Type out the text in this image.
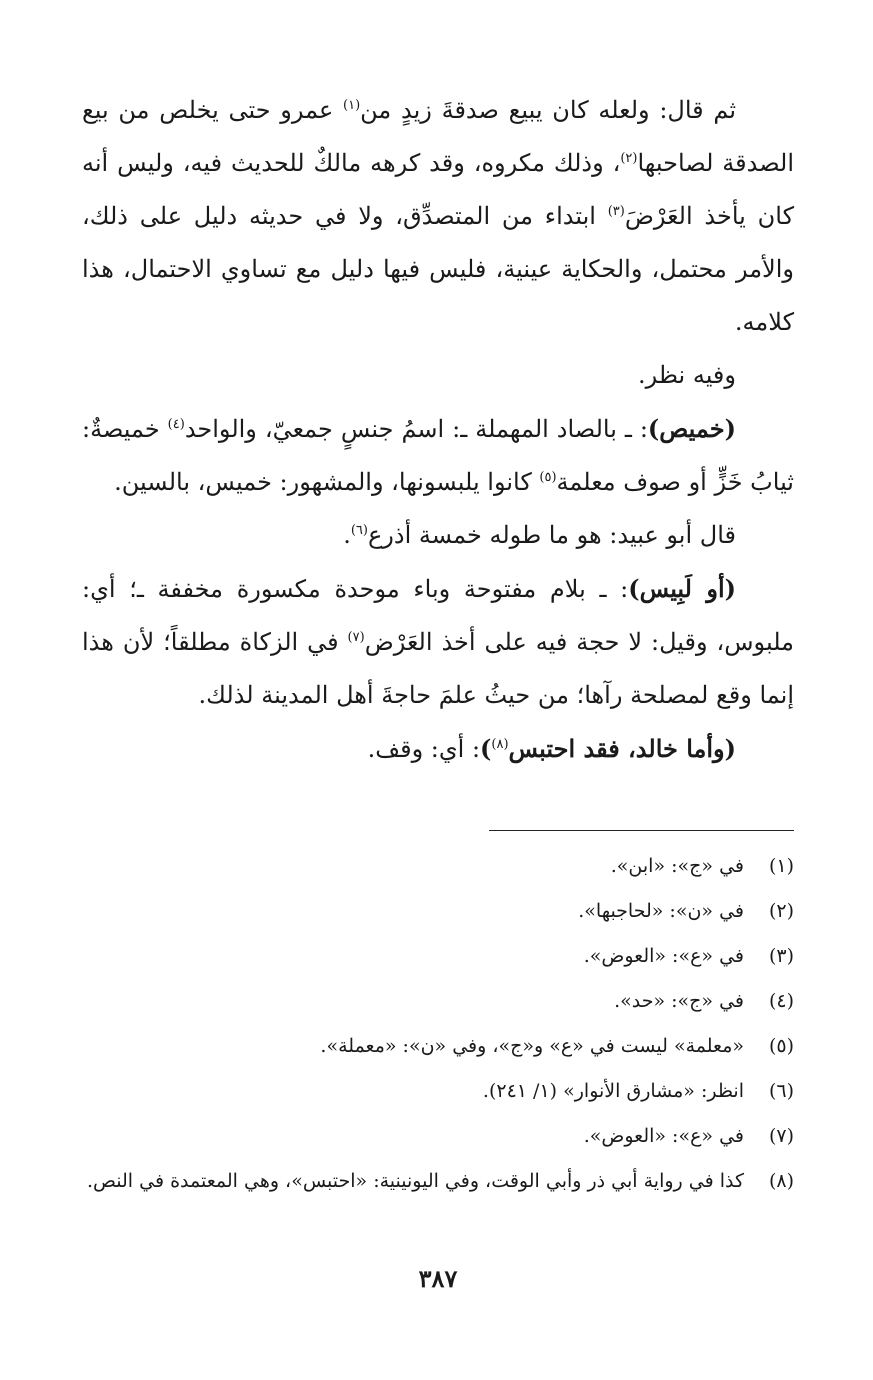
ثم قال: ولعله كان يبيع صدقةَ زيدٍ من$^{(١)}$ عمرو حتى يخلص من بيع الصدقة لصاحبها$^{(٢)}$، وذلك مكروه، وقد كرهه مالكٌ للحديث فيه، وليس أنه كان يأخذ العَرْضَ$^{(٣)}$ ابتداء من المتصدِّق، ولا في حديثه دليل على ذلك، والأمر محتمل، والحكاية عينية، فليس فيها دليل مع تساوي الاحتمال، هذا كلامه.

وفيه نظر.

(خميص): ـ بالصاد المهملة ـ: اسمُ جنسٍ جمعيّ، والواحد$^{(٤)}$ خميصةٌ: ثيابُ خَزٍّ أو صوف معلمة$^{(٥)}$ كانوا يلبسونها، والمشهور: خميس، بالسين.

قال أبو عبيد: هو ما طوله خمسة أذرع$^{(٦)}$.

(أو لَبِيس): ـ بلام مفتوحة وباء موحدة مكسورة مخففة ـ؛ أي: ملبوس، وقيل: لا حجة فيه على أخذ العَرْض$^{(٧)}$ في الزكاة مطلقاً؛ لأن هذا إنما وقع لمصلحة رآها؛ من حيثُ علمَ حاجةَ أهل المدينة لذلك.

(وأما خالد، فقد احتبس$^{(٨)}$): أي: وقف.

(١)
في «ج»: «ابن».
(٢)
في «ن»: «لحاجبها».
(٣)
في «ع»: «العوض».
(٤)
في «ج»: «حد».
(٥)
«معلمة» ليست في «ع» و«ج»، وفي «ن»: «معملة».
(٦)
انظر: «مشارق الأنوار» (١/ ٢٤١).
(٧)
في «ع»: «العوض».
(٨)
كذا في رواية أبي ذر وأبي الوقت، وفي اليونينية: «احتبس»، وهي المعتمدة في النص.
٣٨٧
